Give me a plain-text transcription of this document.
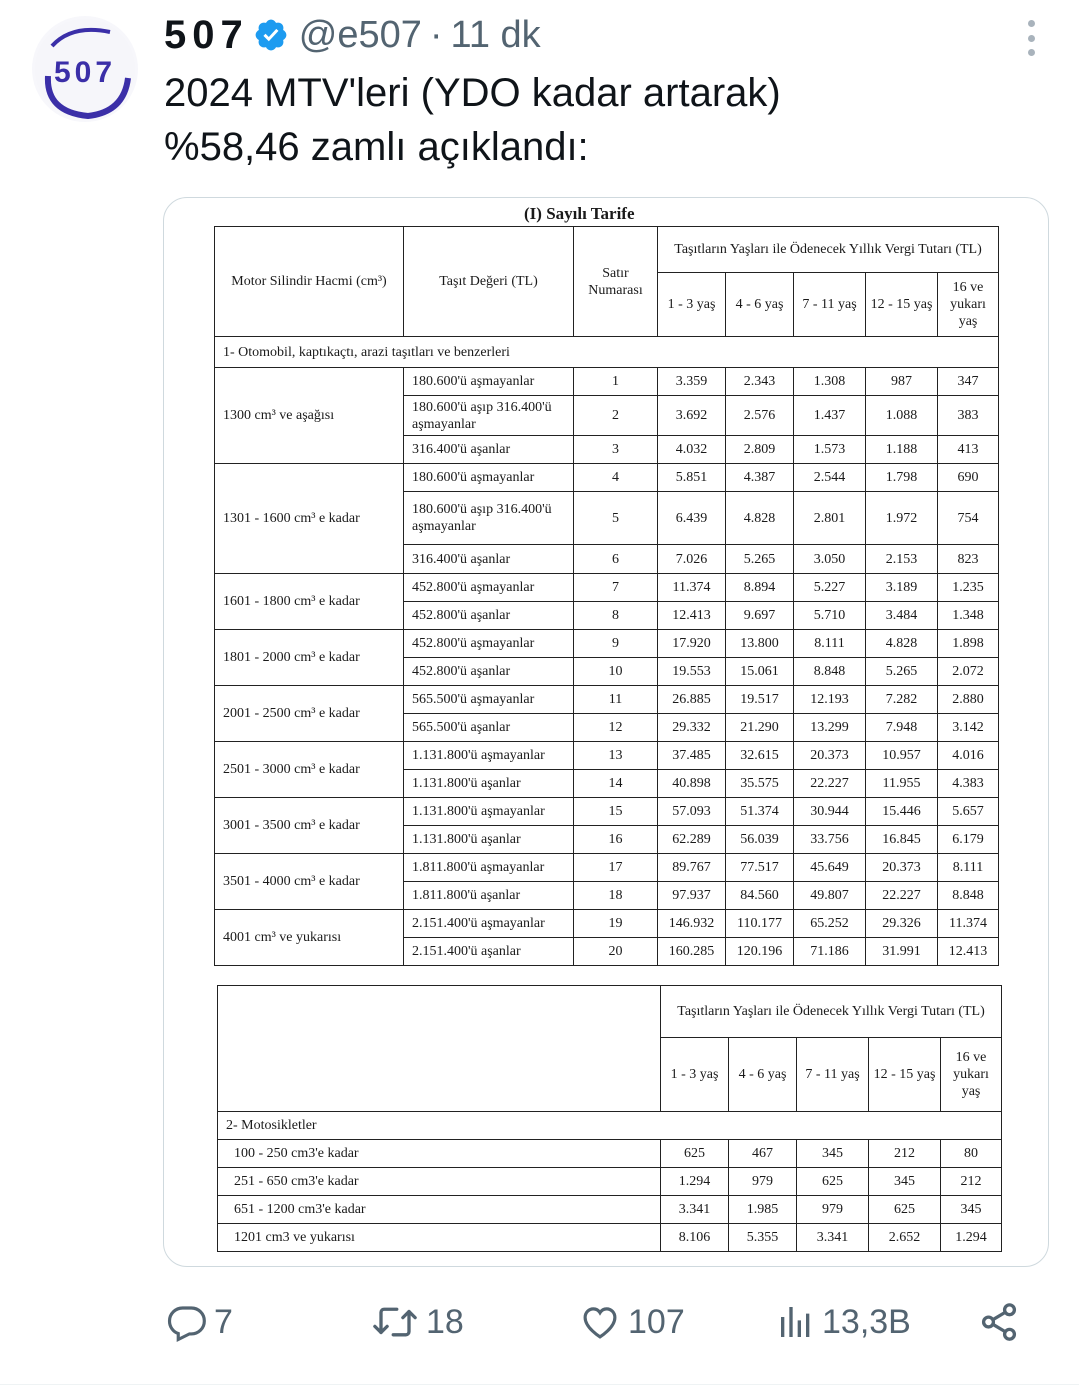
507
507 @e507 · 11 dk
2024 MTV'leri (YDO kadar artarak)
%58,46 zamlı açıklandı:
(I) Sayılı Tarife
Motor Silindir Hacmi (cm³)	Taşıt Değeri (TL)	Satır Numarası	Taşıtların Yaşları ile Ödenecek Yıllık Vergi Tutarı (TL)				
			1 - 3 yaş	4 - 6 yaş	7 - 11 yaş	12 - 15 yaş	16 ve yukarı yaş
1- Otomobil, kaptıkaçtı, arazi taşıtları ve benzerleri							
1300 cm³ ve aşağısı	180.600'ü aşmayanlar	1	3.359	2.343	1.308	987	347
	180.600'ü aşıp 316.400'ü aşmayanlar	2	3.692	2.576	1.437	1.088	383
	316.400'ü aşanlar	3	4.032	2.809	1.573	1.188	413
1301 - 1600 cm³ e kadar	180.600'ü aşmayanlar	4	5.851	4.387	2.544	1.798	690
	180.600'ü aşıp 316.400'ü aşmayanlar	5	6.439	4.828	2.801	1.972	754
	316.400'ü aşanlar	6	7.026	5.265	3.050	2.153	823
1601 - 1800 cm³ e kadar	452.800'ü aşmayanlar	7	11.374	8.894	5.227	3.189	1.235
	452.800'ü aşanlar	8	12.413	9.697	5.710	3.484	1.348
1801 - 2000 cm³ e kadar	452.800'ü aşmayanlar	9	17.920	13.800	8.111	4.828	1.898
	452.800'ü aşanlar	10	19.553	15.061	8.848	5.265	2.072
2001 - 2500 cm³ e kadar	565.500'ü aşmayanlar	11	26.885	19.517	12.193	7.282	2.880
	565.500'ü aşanlar	12	29.332	21.290	13.299	7.948	3.142
2501 - 3000 cm³ e kadar	1.131.800'ü aşmayanlar	13	37.485	32.615	20.373	10.957	4.016
	1.131.800'ü aşanlar	14	40.898	35.575	22.227	11.955	4.383
3001 - 3500 cm³ e kadar	1.131.800'ü aşmayanlar	15	57.093	51.374	30.944	15.446	5.657
	1.131.800'ü aşanlar	16	62.289	56.039	33.756	16.845	6.179
3501 - 4000 cm³ e kadar	1.811.800'ü aşmayanlar	17	89.767	77.517	45.649	20.373	8.111
	1.811.800'ü aşanlar	18	97.937	84.560	49.807	22.227	8.848
4001 cm³ ve yukarısı	2.151.400'ü aşmayanlar	19	146.932	110.177	65.252	29.326	11.374
	2.151.400'ü aşanlar	20	160.285	120.196	71.186	31.991	12.413
	Taşıtların Yaşları ile Ödenecek Yıllık Vergi Tutarı (TL)				
	1 - 3 yaş	4 - 6 yaş	7 - 11 yaş	12 - 15 yaş	16 ve yukarı yaş
2- Motosikletler					
100 - 250 cm3'e kadar	625	467	345	212	80
251 - 650 cm3'e kadar	1.294	979	625	345	212
651 - 1200 cm3'e kadar	3.341	1.985	979	625	345
1201 cm3 ve yukarısı	8.106	5.355	3.341	2.652	1.294
7	18	107	13,3B
